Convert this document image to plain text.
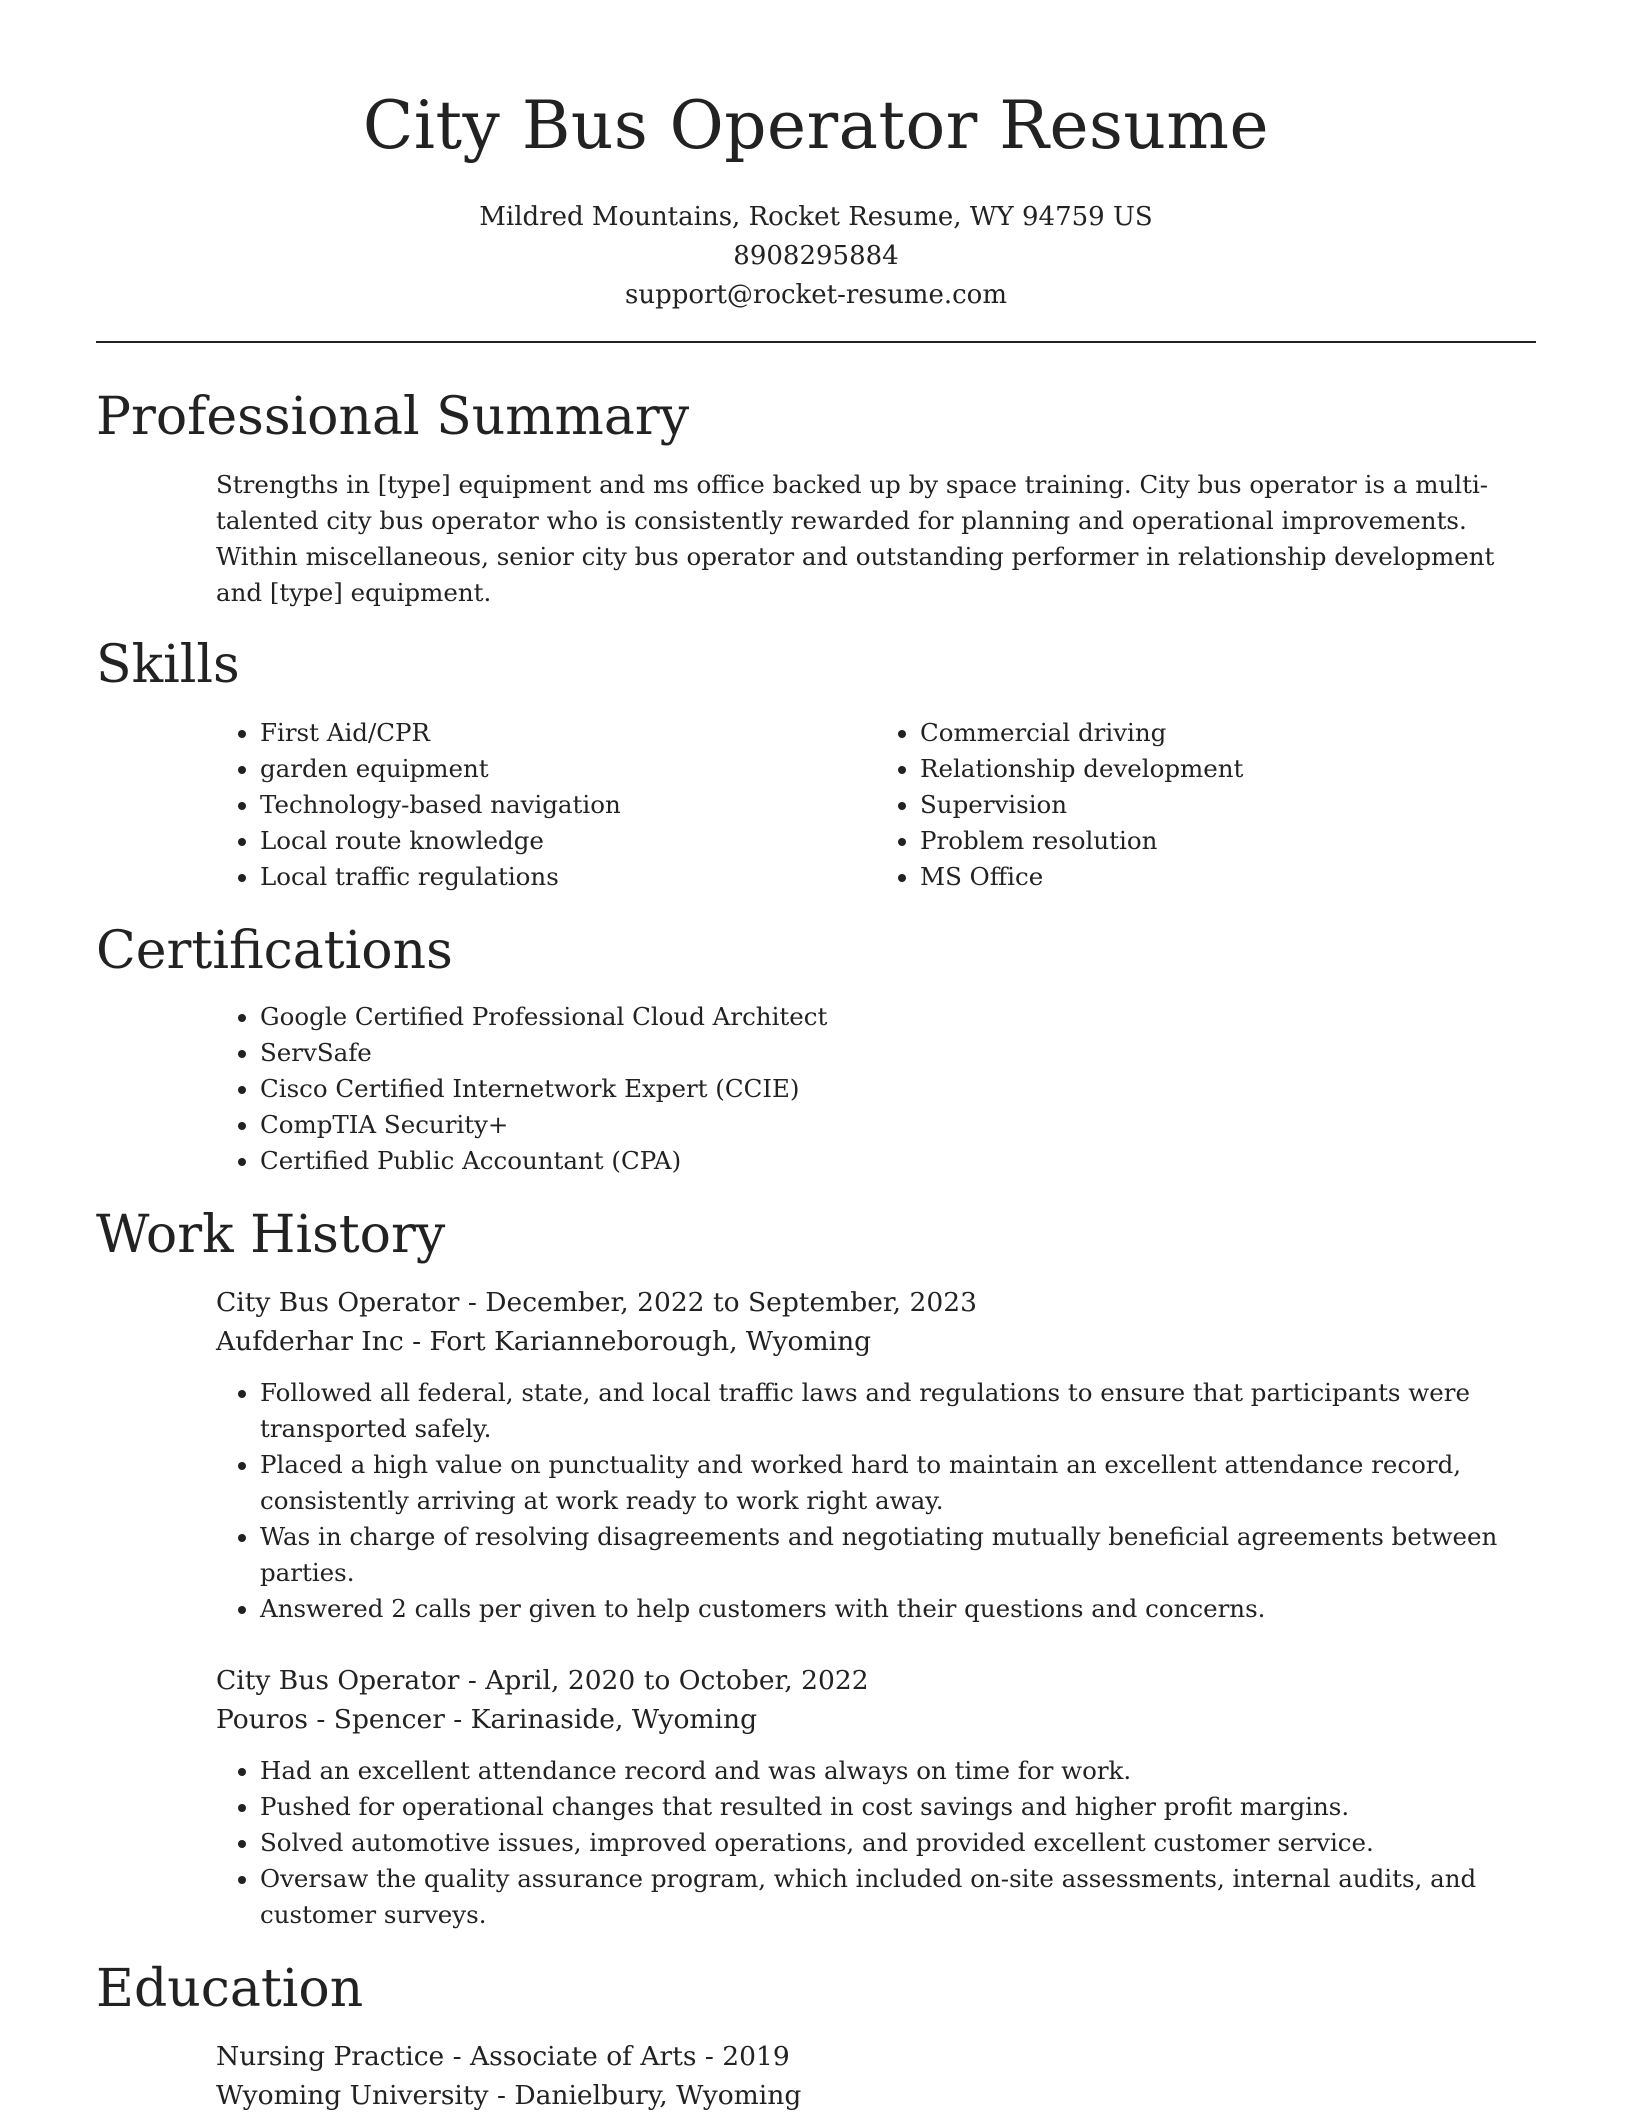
City Bus Operator Resume
Mildred Mountains, Rocket Resume, WY 94759 US
8908295884
support@rocket-resume.com
Professional Summary
Strengths in [type] equipment and ms office backed up by space training. City bus operator is a multi-talented city bus operator who is consistently rewarded for planning and operational improvements. Within miscellaneous, senior city bus operator and outstanding performer in relationship development and [type] equipment.
Skills
• First Aid/CPR
• garden equipment
• Technology-based navigation
• Local route knowledge
• Local traffic regulations
• Commercial driving
• Relationship development
• Supervision
• Problem resolution
• MS Office
Certifications
• Google Certified Professional Cloud Architect
• ServSafe
• Cisco Certified Internetwork Expert (CCIE)
• CompTIA Security+
• Certified Public Accountant (CPA)
Work History
City Bus Operator - December, 2022 to September, 2023
Aufderhar Inc - Fort Karianneborough, Wyoming
• Followed all federal, state, and local traffic laws and regulations to ensure that participants were transported safely.
• Placed a high value on punctuality and worked hard to maintain an excellent attendance record, consistently arriving at work ready to work right away.
• Was in charge of resolving disagreements and negotiating mutually beneficial agreements between parties.
• Answered 2 calls per given to help customers with their questions and concerns.
City Bus Operator - April, 2020 to October, 2022
Pouros - Spencer - Karinaside, Wyoming
• Had an excellent attendance record and was always on time for work.
• Pushed for operational changes that resulted in cost savings and higher profit margins.
• Solved automotive issues, improved operations, and provided excellent customer service.
• Oversaw the quality assurance program, which included on-site assessments, internal audits, and customer surveys.
Education
Nursing Practice - Associate of Arts - 2019
Wyoming University - Danielbury, Wyoming
